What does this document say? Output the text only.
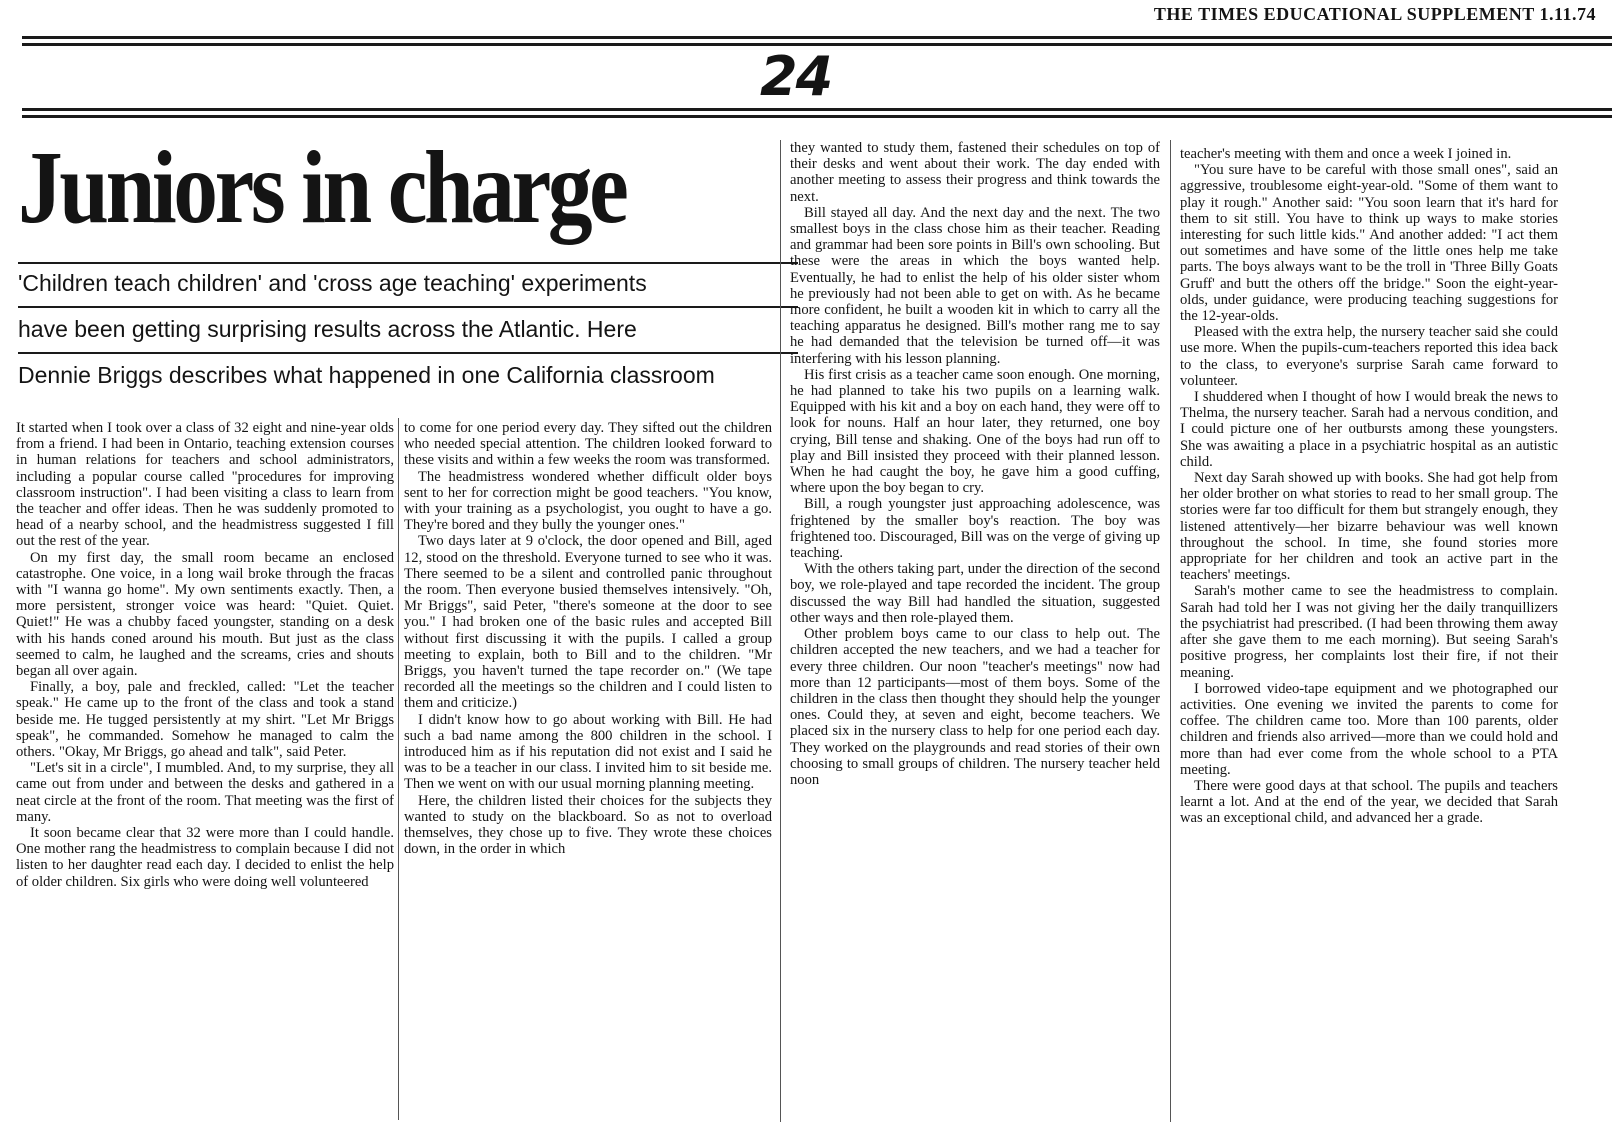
THE TIMES EDUCATIONAL SUPPLEMENT 1.11.74
24
Juniors in charge
'Children teach children' and 'cross age teaching' experiments
have been getting surprising results across the Atlantic. Here
Dennie Briggs describes what happened in one California classroom

It started when I took over a class of 32 eight and nine-year olds from a friend. I had been in Ontario, teaching extension courses in human relations for teachers and school administrators, including a popular course called "procedures for improving classroom instruction". I had been visiting a class to learn from the teacher and offer ideas. Then he was suddenly promoted to head of a nearby school, and the headmistress suggested I fill out the rest of the year.

On my first day, the small room became an enclosed catastrophe. One voice, in a long wail broke through the fracas with "I wanna go home". My own sentiments exactly. Then, a more persistent, stronger voice was heard: "Quiet. Quiet. Quiet!" He was a chubby faced youngster, standing on a desk with his hands coned around his mouth. But just as the class seemed to calm, he laughed and the screams, cries and shouts began all over again.

Finally, a boy, pale and freckled, called: "Let the teacher speak." He came up to the front of the class and took a stand beside me. He tugged persistently at my shirt. "Let Mr Briggs speak", he commanded. Somehow he managed to calm the others. "Okay, Mr Briggs, go ahead and talk", said Peter.

"Let's sit in a circle", I mumbled. And, to my surprise, they all came out from under and between the desks and gathered in a neat circle at the front of the room. That meeting was the first of many.

It soon became clear that 32 were more than I could handle. One mother rang the headmistress to complain because I did not listen to her daughter read each day. I decided to enlist the help of older children. Six girls who were doing well volunteered

to come for one period every day. They sifted out the children who needed special attention. The children looked forward to these visits and within a few weeks the room was transformed.

The headmistress wondered whether difficult older boys sent to her for correction might be good teachers. "You know, with your training as a psychologist, you ought to have a go. They're bored and they bully the younger ones."

Two days later at 9 o'clock, the door opened and Bill, aged 12, stood on the threshold. Everyone turned to see who it was. There seemed to be a silent and controlled panic throughout the room. Then everyone busied themselves intensively. "Oh, Mr Briggs", said Peter, "there's someone at the door to see you." I had broken one of the basic rules and accepted Bill without first discussing it with the pupils. I called a group meeting to explain, both to Bill and to the children. "Mr Briggs, you haven't turned the tape recorder on." (We tape recorded all the meetings so the children and I could listen to them and criticize.)

I didn't know how to go about working with Bill. He had such a bad name among the 800 children in the school. I introduced him as if his reputation did not exist and I said he was to be a teacher in our class. I invited him to sit beside me. Then we went on with our usual morning planning meeting.

Here, the children listed their choices for the subjects they wanted to study on the blackboard. So as not to overload themselves, they chose up to five. They wrote these choices down, in the order in which

they wanted to study them, fastened their schedules on top of their desks and went about their work. The day ended with another meeting to assess their progress and think towards the next.

Bill stayed all day. And the next day and the next. The two smallest boys in the class chose him as their teacher. Reading and grammar had been sore points in Bill's own schooling. But these were the areas in which the boys wanted help. Eventually, he had to enlist the help of his older sister whom he previously had not been able to get on with. As he became more confident, he built a wooden kit in which to carry all the teaching apparatus he designed. Bill's mother rang me to say he had demanded that the television be turned off—it was interfering with his lesson planning.

His first crisis as a teacher came soon enough. One morning, he had planned to take his two pupils on a learning walk. Equipped with his kit and a boy on each hand, they were off to look for nouns. Half an hour later, they returned, one boy crying, Bill tense and shaking. One of the boys had run off to play and Bill insisted they proceed with their planned lesson. When he had caught the boy, he gave him a good cuffing, where upon the boy began to cry.

Bill, a rough youngster just approaching adolescence, was frightened by the smaller boy's reaction. The boy was frightened too. Discouraged, Bill was on the verge of giving up teaching.

With the others taking part, under the direction of the second boy, we role-played and tape recorded the incident. The group discussed the way Bill had handled the situation, suggested other ways and then role-played them.

Other problem boys came to our class to help out. The children accepted the new teachers, and we had a teacher for every three children. Our noon "teacher's meetings" now had more than 12 participants—most of them boys. Some of the children in the class then thought they should help the younger ones. Could they, at seven and eight, become teachers. We placed six in the nursery class to help for one period each day. They worked on the playgrounds and read stories of their own choosing to small groups of children. The nursery teacher held noon

teacher's meeting with them and once a week I joined in.

"You sure have to be careful with those small ones", said an aggressive, troublesome eight-year-old. "Some of them want to play it rough." Another said: "You soon learn that it's hard for them to sit still. You have to think up ways to make stories interesting for such little kids." And another added: "I act them out sometimes and have some of the little ones help me take parts. The boys always want to be the troll in 'Three Billy Goats Gruff' and butt the others off the bridge." Soon the eight-year-olds, under guidance, were producing teaching suggestions for the 12-year-olds.

Pleased with the extra help, the nursery teacher said she could use more. When the pupils-cum-teachers reported this idea back to the class, to everyone's surprise Sarah came forward to volunteer.

I shuddered when I thought of how I would break the news to Thelma, the nursery teacher. Sarah had a nervous condition, and I could picture one of her outbursts among these youngsters. She was awaiting a place in a psychiatric hospital as an autistic child.

Next day Sarah showed up with books. She had got help from her older brother on what stories to read to her small group. The stories were far too difficult for them but strangely enough, they listened attentively—her bizarre behaviour was well known throughout the school. In time, she found stories more appropriate for her children and took an active part in the teachers' meetings.

Sarah's mother came to see the headmistress to complain. Sarah had told her I was not giving her the daily tranquillizers the psychiatrist had prescribed. (I had been throwing them away after she gave them to me each morning). But seeing Sarah's positive progress, her complaints lost their fire, if not their meaning.

I borrowed video-tape equipment and we photographed our activities. One evening we invited the parents to come for coffee. The children came too. More than 100 parents, older children and friends also arrived—more than we could hold and more than had ever come from the whole school to a PTA meeting.

There were good days at that school. The pupils and teachers learnt a lot. And at the end of the year, we decided that Sarah was an exceptional child, and advanced her a grade.
